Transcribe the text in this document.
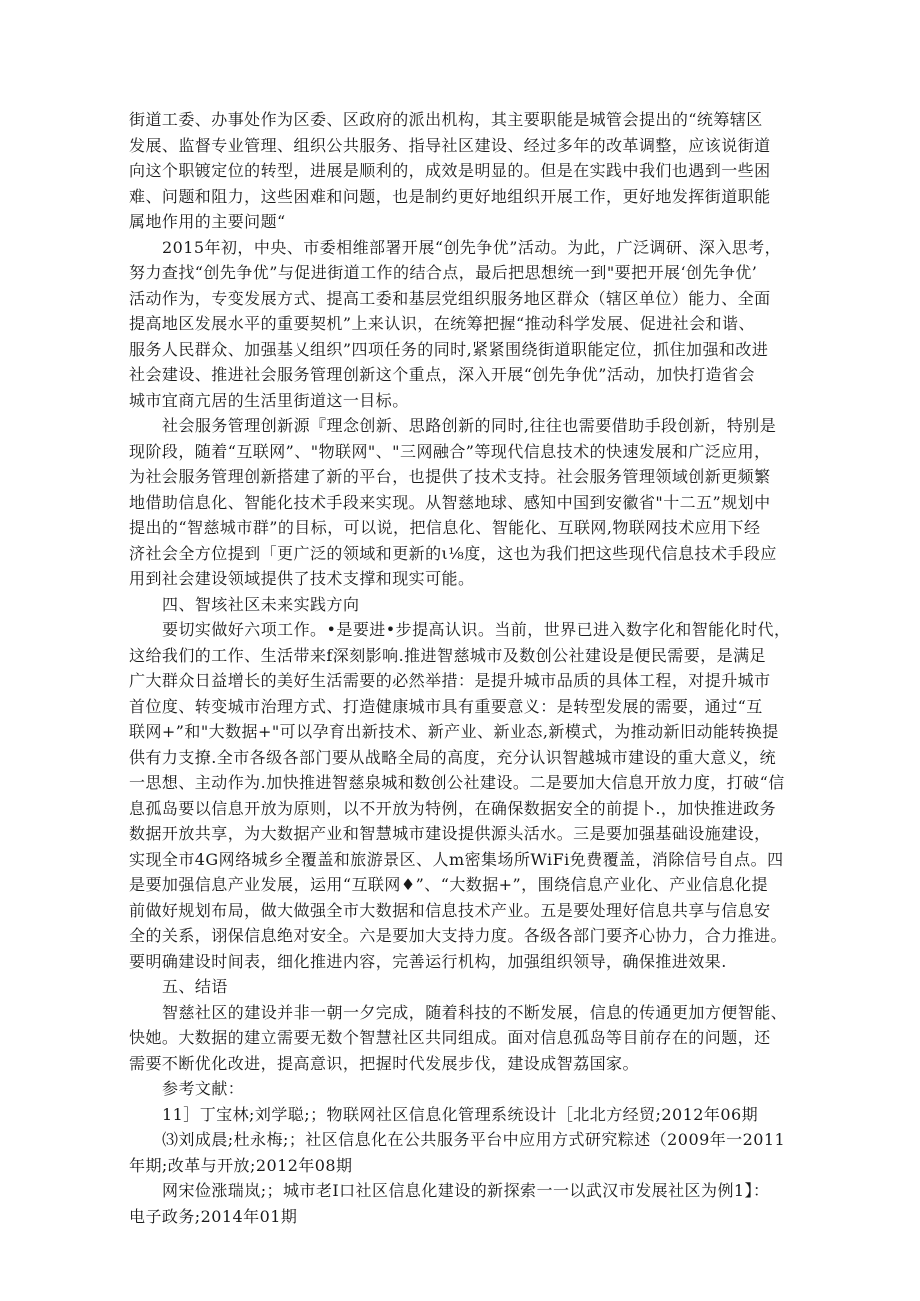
街道工委、办事处作为区委、区政府的派出机构，其主要职能是城管会提出的“统筹辖区
发展、监督专业管理、组织公共服务、指导社区建设、经过多年的改革调整，应该说街道
向这个职镀定位的转型，进展是顺利的，成效是明显的。但是在实践中我们也遇到一些困
难、问题和阻力，这些困难和问题，也是制约更好地组织开展工作，更好地发挥街道职能
属地作用的主要问题“
2015年初，中央、市委相维部署开展“创先争优”活动。为此，广泛调研、深入思考，
努力查找“创先争优”与促进街道工作的结合点，最后把思想统一到"要把开展‘创先争优’
活动作为，专变发展方式、提高工委和基层党组织服务地区群众（辖区单位）能力、全面
提高地区发展水平的重要契机”上来认识，在统筹把握“推动科学发展、促进社会和谐、
服务人民群众、加强基乂组织”四项任务的同时,紧紧围绕街道职能定位，抓住加强和改进
社会建设、推进社会服务管理创新这个重点，深入开展“创先争优”活动，加快打造省会
城市宜商亢居的生活里街道这一目标。
社会服务管理创新源『理念创新、思路创新的同时,往往也需要借助手段创新，特别是
现阶段，随着“互联网”、"物联网"、"三网融合”等现代信息技术的快速发展和广泛应用，
为社会服务管理创新搭建了新的平台，也提供了技术支持。社会服务管理领域创新更频繁
地借助信息化、智能化技术手段来实现。从智慈地球、感知中国到安徽省"十二五”规划中
提出的“智慈城市群”的目标，可以说，把信息化、智能化、互联网,物联网技术应用下经
济社会全方位提到「更广泛的领域和更新的ι⅛度，这也为我们把这些现代信息技术手段应
用到社会建设领域提供了技术支撑和现实可能。
四、智垓社区未来实践方向
要切实做好六项工作。•是要进•步提高认识。当前，世界已进入数字化和智能化时代，
这给我们的工作、生活带来f深刻影响.推进智慈城市及数创公社建设是便民需要，是满足
广大群众日益增长的美好生活需要的必然举措：是提升城市品质的具体工程，对提升城市
首位度、转变城市治理方式、打造健康城市具有重要意义：是转型发展的需要，通过“互
联网+”和"大数据+"可以孕育出新技术、新产业、新业态,新模式，为推动新旧动能转换提
供有力支撩.全市各级各部门要从战略全局的高度，充分认识智越城市建设的重大意义，统
一思想、主动作为.加快推进智慈泉城和数创公社建设。二是要加大信息开放力度，打破“信
息孤岛要以信息开放为原则，以不开放为特例，在确保数据安全的前提卜.，加快推进政务
数据开放共享，为大数据产业和智慧城市建设提供源头活水。三是要加强基础设施建设，
实现全市4G网络城乡全覆盖和旅游景区、人m密集场所WiFi免费覆盖，消除信号自点。四
是要加强信息产业发展，运用“互联网♦”、“大数据+”，围绕信息产业化、产业信息化提
前做好规划布局，做大做强全市大数据和信息技术产业。五是要处理好信息共享与信息安
全的关系，诩保信息绝对安全。六是要加大支持力度。各级各部门要齐心协力，合力推进。
要明确建设时间表，细化推进内容，完善运行机构，加强组织领导，确保推进效果.
五、结语
智慈社区的建设并非一朝一夕完成，随着科技的不断发展，信息的传通更加方便智能、
快她。大数据的建立需要无数个智慧社区共同组成。面对信息孤岛等目前存在的问题，还
需要不断优化改进，提高意识，把握时代发展步伐，建设成智荔国家。
参考文献：
11］丁宝林;刘学聪;；物联网社区信息化管理系统设计［北北方经贸;2012年06期
⑶刘成晨;杜永梅;；社区信息化在公共服务平台中应用方式研究粽述（2009年一2011
年期;改革与开放;2012年08期
网宋俭涨瑞岚;；城市老I口社区信息化建设的新探索一一以武汉市发展社区为例1】：
电子政务;2014年01期
